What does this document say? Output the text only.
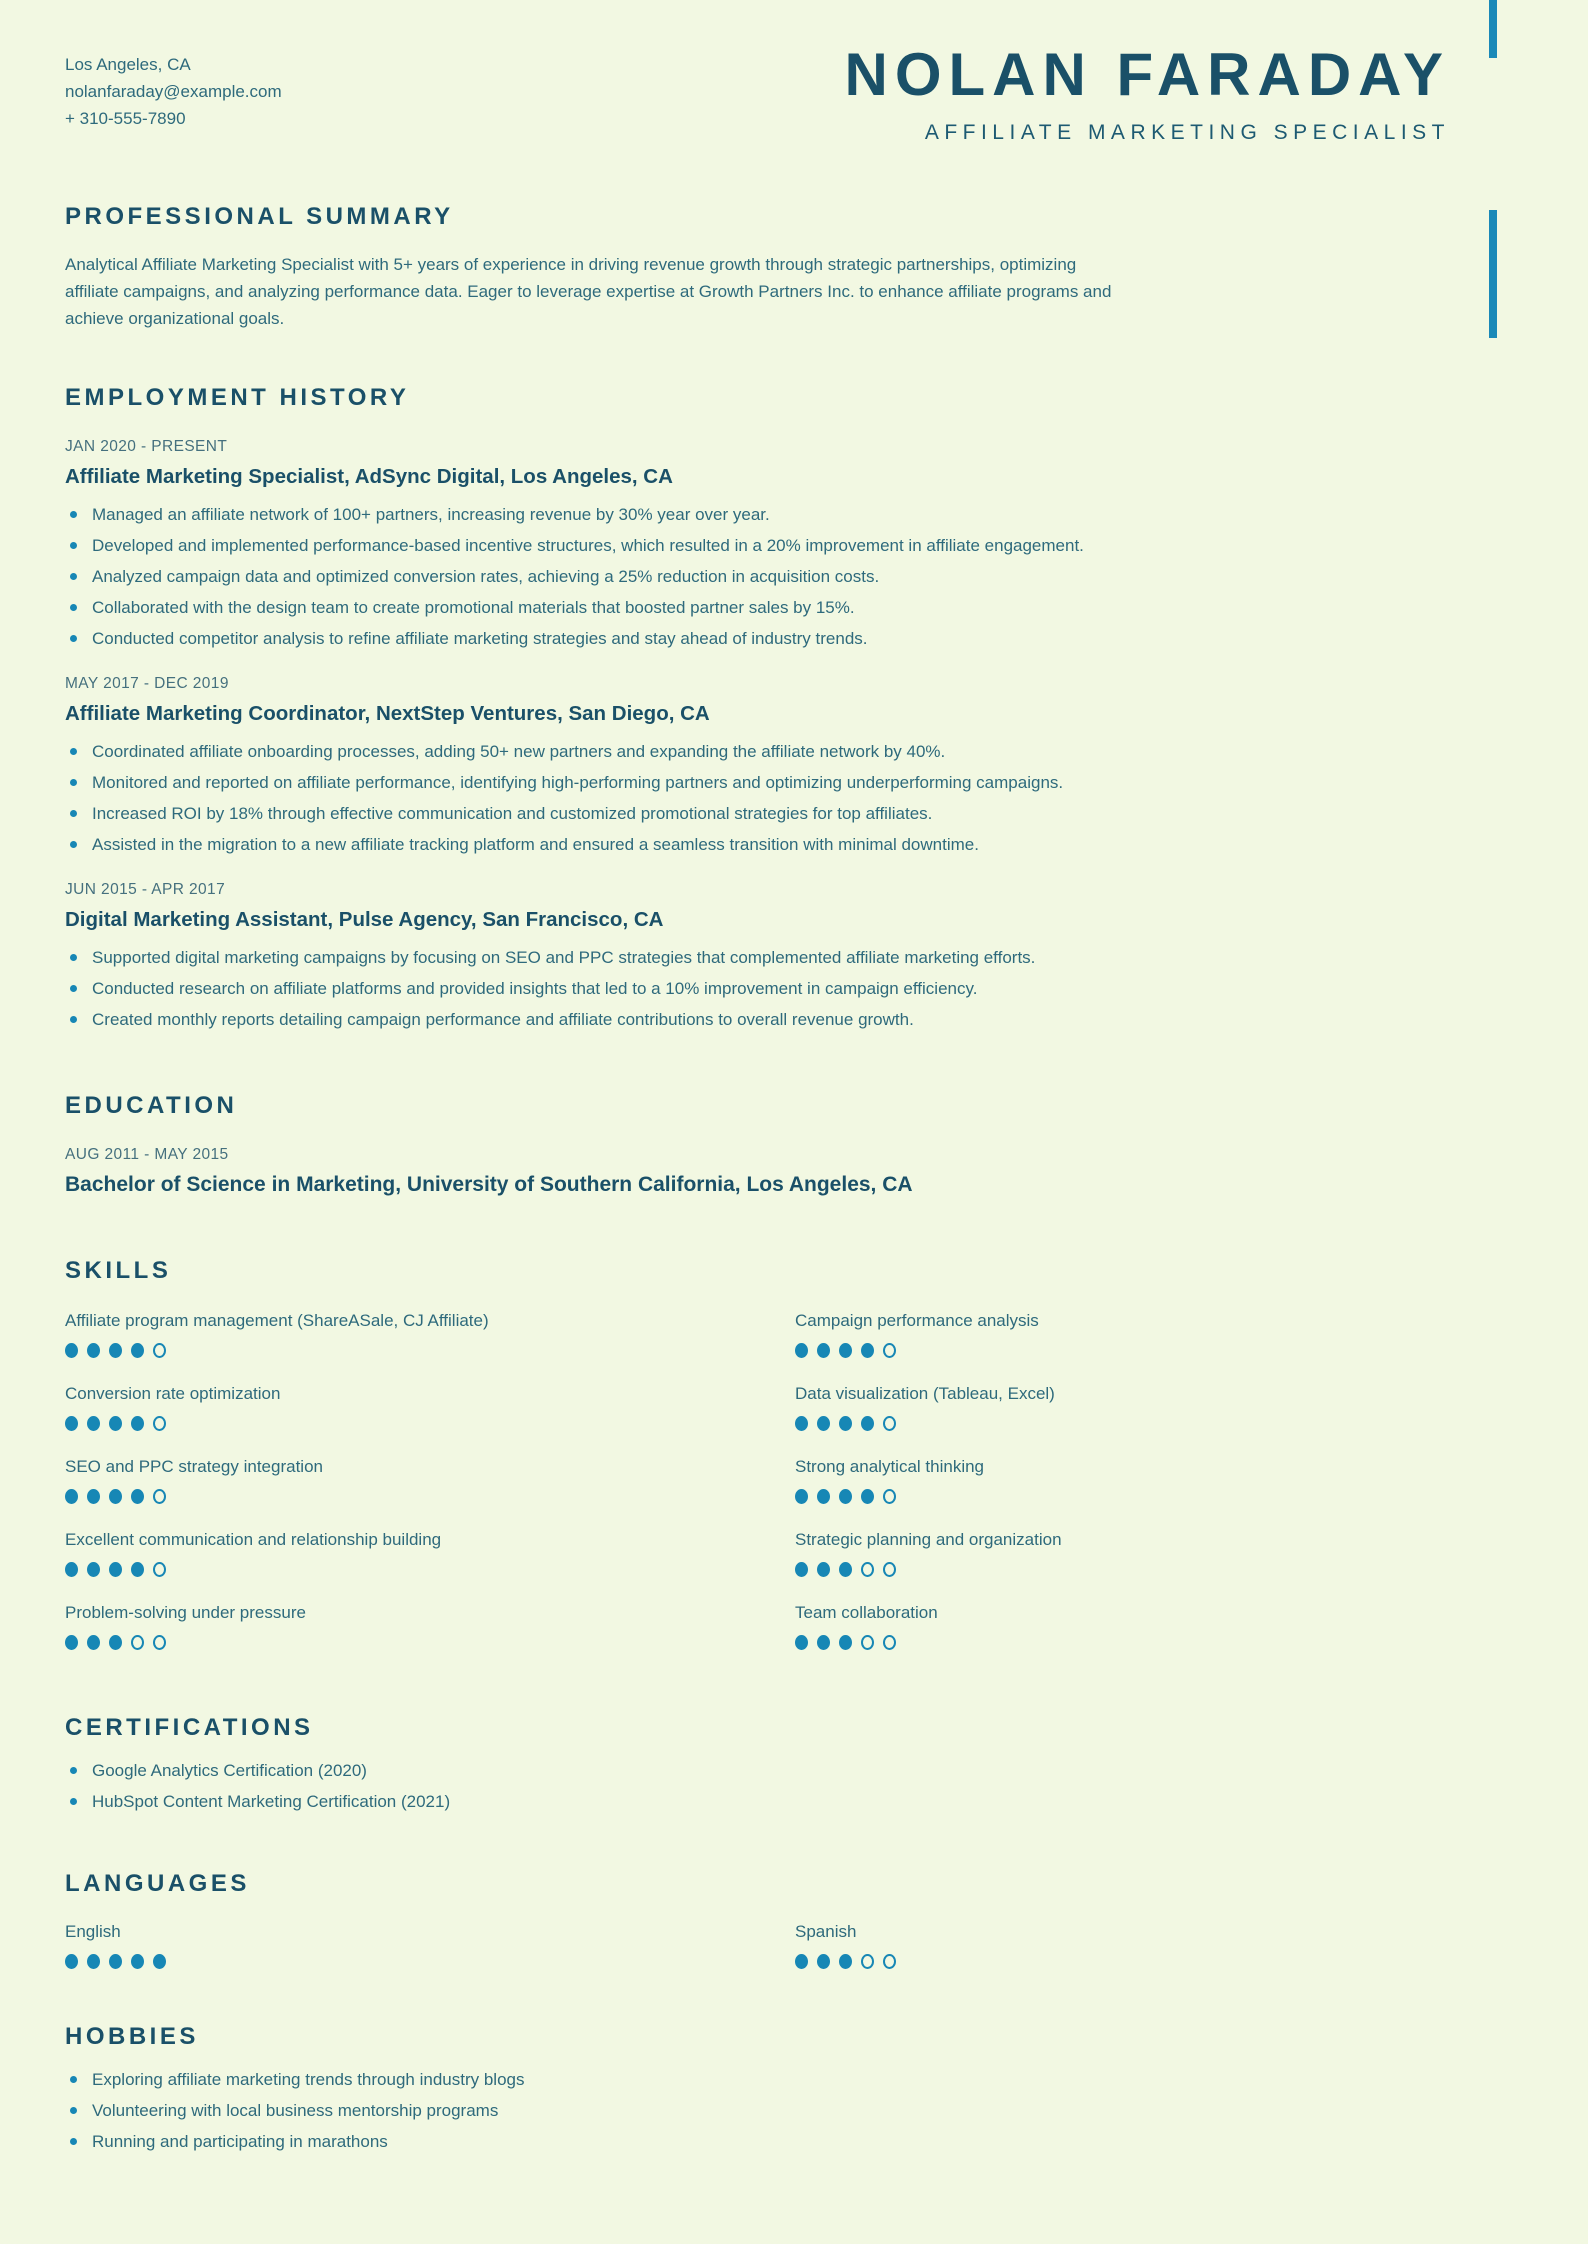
Los Angeles, CA
nolanfaraday@example.com
+ 310-555-7890
NOLAN FARADAY
AFFILIATE MARKETING SPECIALIST
PROFESSIONAL SUMMARY

Analytical Affiliate Marketing Specialist with 5+ years of experience in driving revenue growth through strategic partnerships, optimizing affiliate campaigns, and analyzing performance data. Eager to leverage expertise at Growth Partners Inc. to enhance affiliate programs and achieve organizational goals.

EMPLOYMENT HISTORY
JAN 2020 - PRESENT
Affiliate Marketing Specialist, AdSync Digital, Los Angeles, CA
Managed an affiliate network of 100+ partners, increasing revenue by 30% year over year.
Developed and implemented performance-based incentive structures, which resulted in a 20% improvement in affiliate engagement.
Analyzed campaign data and optimized conversion rates, achieving a 25% reduction in acquisition costs.
Collaborated with the design team to create promotional materials that boosted partner sales by 15%.
Conducted competitor analysis to refine affiliate marketing strategies and stay ahead of industry trends.
MAY 2017 - DEC 2019
Affiliate Marketing Coordinator, NextStep Ventures, San Diego, CA
Coordinated affiliate onboarding processes, adding 50+ new partners and expanding the affiliate network by 40%.
Monitored and reported on affiliate performance, identifying high-performing partners and optimizing underperforming campaigns.
Increased ROI by 18% through effective communication and customized promotional strategies for top affiliates.
Assisted in the migration to a new affiliate tracking platform and ensured a seamless transition with minimal downtime.
JUN 2015 - APR 2017
Digital Marketing Assistant, Pulse Agency, San Francisco, CA
Supported digital marketing campaigns by focusing on SEO and PPC strategies that complemented affiliate marketing efforts.
Conducted research on affiliate platforms and provided insights that led to a 10% improvement in campaign efficiency.
Created monthly reports detailing campaign performance and affiliate contributions to overall revenue growth.
EDUCATION
AUG 2011 - MAY 2015
Bachelor of Science in Marketing, University of Southern California, Los Angeles, CA
SKILLS
Affiliate program management (ShareASale, CJ Affiliate)	Campaign performance analysis
Conversion rate optimization	Data visualization (Tableau, Excel)
SEO and PPC strategy integration	Strong analytical thinking
Excellent communication and relationship building	Strategic planning and organization
Problem-solving under pressure	Team collaboration
CERTIFICATIONS
Google Analytics Certification (2020)
HubSpot Content Marketing Certification (2021)
LANGUAGES
English	Spanish
HOBBIES
Exploring affiliate marketing trends through industry blogs
Volunteering with local business mentorship programs
Running and participating in marathons
